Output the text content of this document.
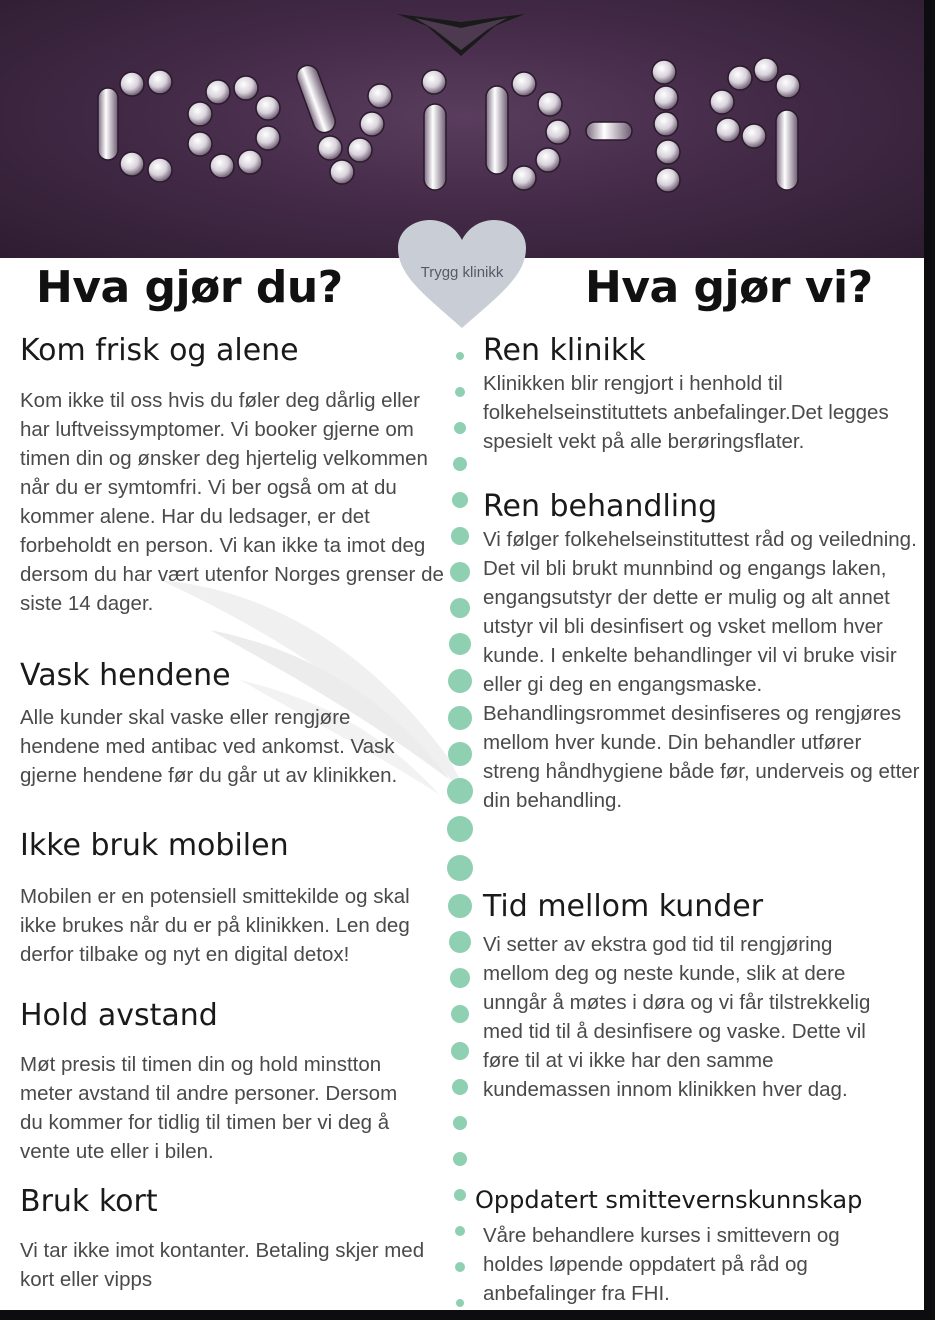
Trygg klinikk
Hva gjør du?	Hva gjør vi?
Kom frisk og alene
Kom ikke til oss hvis du føler deg dårlig eller har luftveissymptomer. Vi booker gjerne om timen din og ønsker deg hjertelig velkommen når du er symtomfri. Vi ber også om at du kommer alene. Har du ledsager, er det forbeholdt en person. Vi kan ikke ta imot deg dersom du har vært utenfor Norges grenser de siste 14 dager.
Vask hendene
Alle kunder skal vaske eller rengjøre hendene med antibac ved ankomst. Vask gjerne hendene før du går ut av klinikken.
Ikke bruk mobilen
Mobilen er en potensiell smittekilde og skal ikke brukes når du er på klinikken. Len deg derfor tilbake og nyt en digital detox!
Hold avstand
Møt presis til timen din og hold minstton meter avstand til andre personer. Dersom du kommer for tidlig til timen ber vi deg å vente ute eller i bilen.
Bruk kort
Vi tar ikke imot kontanter. Betaling skjer med kort eller vipps
Ren klinikk
Klinikken blir rengjort i henhold til folkehelseinstituttets anbefalinger.Det legges spesielt vekt på alle berøringsflater.
Ren behandling
Vi følger folkehelseinstituttest råd og veiledning. Det vil bli brukt munnbind og engangs laken, engangsutstyr der dette er mulig og alt annet utstyr vil bli desinfisert og vsket mellom hver kunde. I enkelte behandlinger vil vi bruke visir eller gi deg en engangsmaske. Behandlingsrommet desinfiseres og rengjøres mellom hver kunde. Din behandler utfører streng håndhygiene både før, underveis og etter din behandling.
Tid mellom kunder
Vi setter av ekstra god tid til rengjøring mellom deg og neste kunde, slik at dere unngår å møtes i døra og vi får tilstrekkelig med tid til å desinfisere og vaske. Dette vil føre til at vi ikke har den samme kundemassen innom klinikken hver dag.
Oppdatert smittevernskunnskap
Våre behandlere kurses i smittevern og holdes løpende oppdatert på råd og anbefalinger fra FHI.
